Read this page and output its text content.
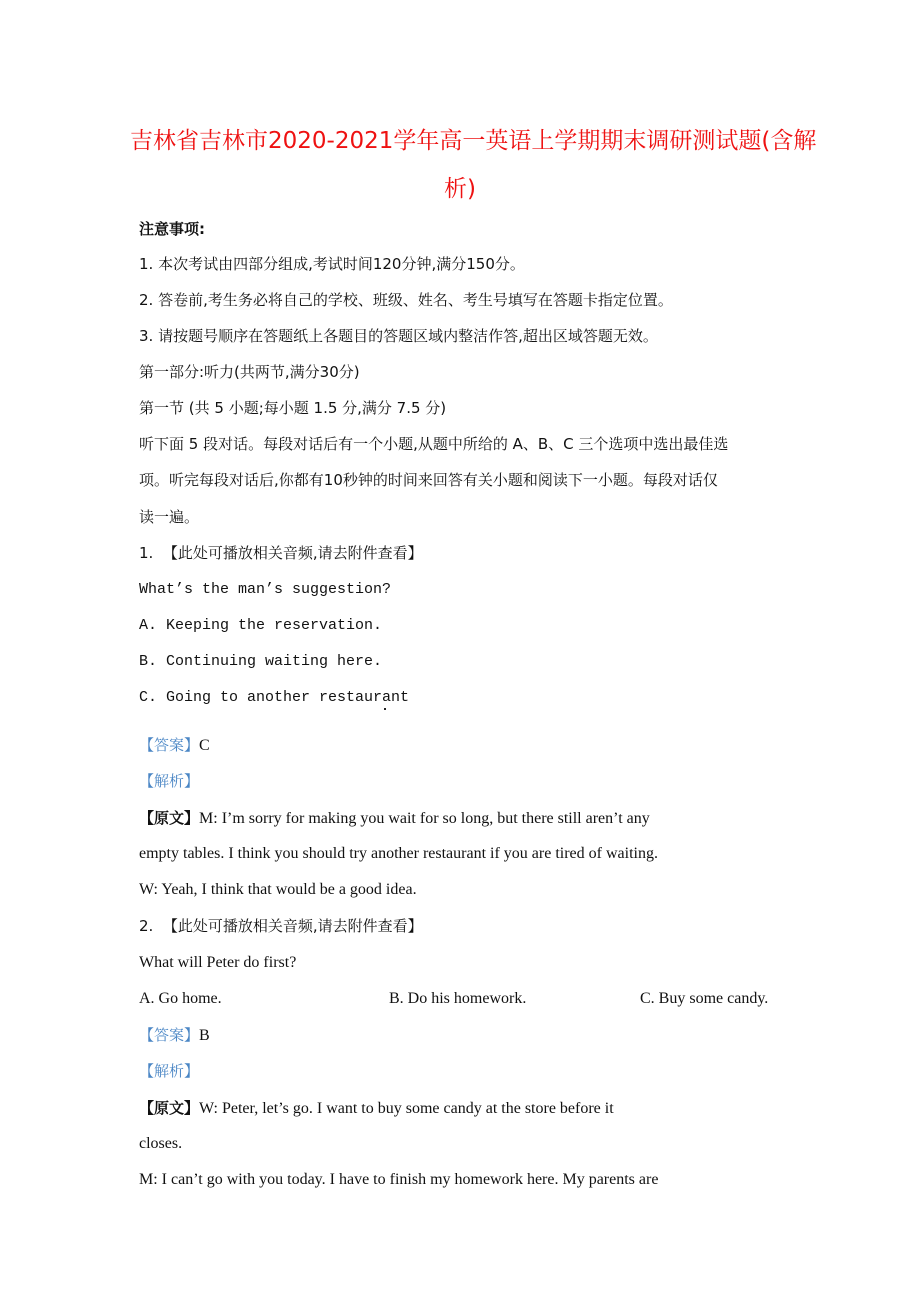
吉林省吉林市2020-2021学年高一英语上学期期末调研测试题(含解
析)
注意事项:
1. 本次考试由四部分组成,考试时间120分钟,满分150分。
2. 答卷前,考生务必将自己的学校、班级、姓名、考生号填写在答题卡指定位置。
3. 请按题号顺序在答题纸上各题目的答题区域内整洁作答,超出区域答题无效。
第一部分:听力(共两节,满分30分)
第一节 (共 5 小题;每小题 1.5 分,满分 7.5 分)
听下面 5 段对话。每段对话后有一个小题,从题中所给的 A、B、C 三个选项中选出最佳选
项。听完每段对话后,你都有10秒钟的时间来回答有关小题和阅读下一小题。每段对话仅
读一遍。
1. 【此处可播放相关音频,请去附件查看】
What’s the man’s suggestion?
A. Keeping the reservation.
B. Continuing waiting here.
C. Going to another restaurant
【答案】C
【解析】
【原文】M: I’m sorry for making you wait for so long, but there still aren’t any
empty tables. I think you should try another restaurant if you are tired of waiting.
W: Yeah, I think that would be a good idea.
2. 【此处可播放相关音频,请去附件查看】
What will Peter do first?
A. Go home.	B. Do his homework.	C. Buy some candy.
【答案】B
【解析】
【原文】W: Peter, let’s go. I want to buy some candy at the store before it
closes.
M: I can’t go with you today. I have to finish my homework here. My parents are
